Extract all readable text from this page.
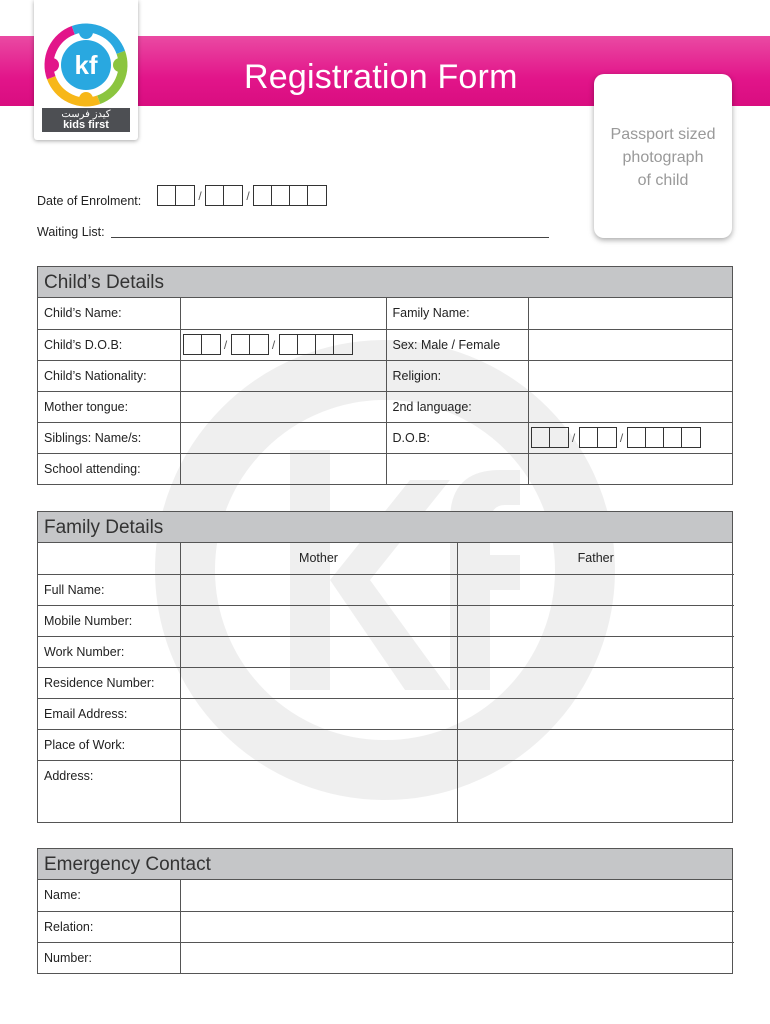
Registration Form
kf
كيدز فرست
kids first
Passport sized
photograph
of child
Date of Enrolment:	/	/
Waiting List:
Child’s Details
Child’s Name:		Family Name:	
Child’s D.O.B:	/ /	Sex: Male / Female	
Child’s Nationality:		Religion:	
Mother tongue:		2nd language:	
Siblings: Name/s:		D.O.B:	/ /

School attending:			
Family Details
	Mother	Father
Full Name:		
Mobile Number:		
Work Number:		
Residence Number:		
Email Address:		
Place of Work:		
Address:		
Emergency Contact
Name:	
Relation:	
Number:	
